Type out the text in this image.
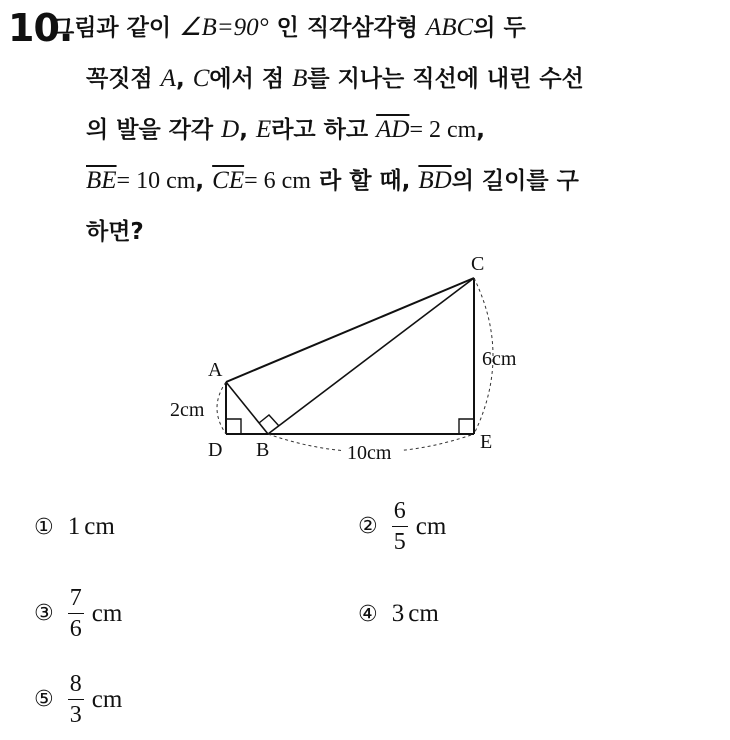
10.
그림과 같이 ∠B=90° 인 직각삼각형 ABC의 두
꼭짓점 A, C에서 점 B를 지나는 직선에 내린 수선
의 발을 각각 D, E라고 하고 $\overline{AD}= 2$ cm,
$\overline{BE}= 10$ cm, $\overline{CE}= 6$ cm 라 할 때, $\overline{BD}$의 길이를 구
하면?
C
A
D B	E
2cm
6cm
10cm
① 1 cm	② $\frac{6}{5}$ cm
③ $\frac{7}{6}$ cm	④ 3 cm
⑤ $\frac{8}{3}$ cm
